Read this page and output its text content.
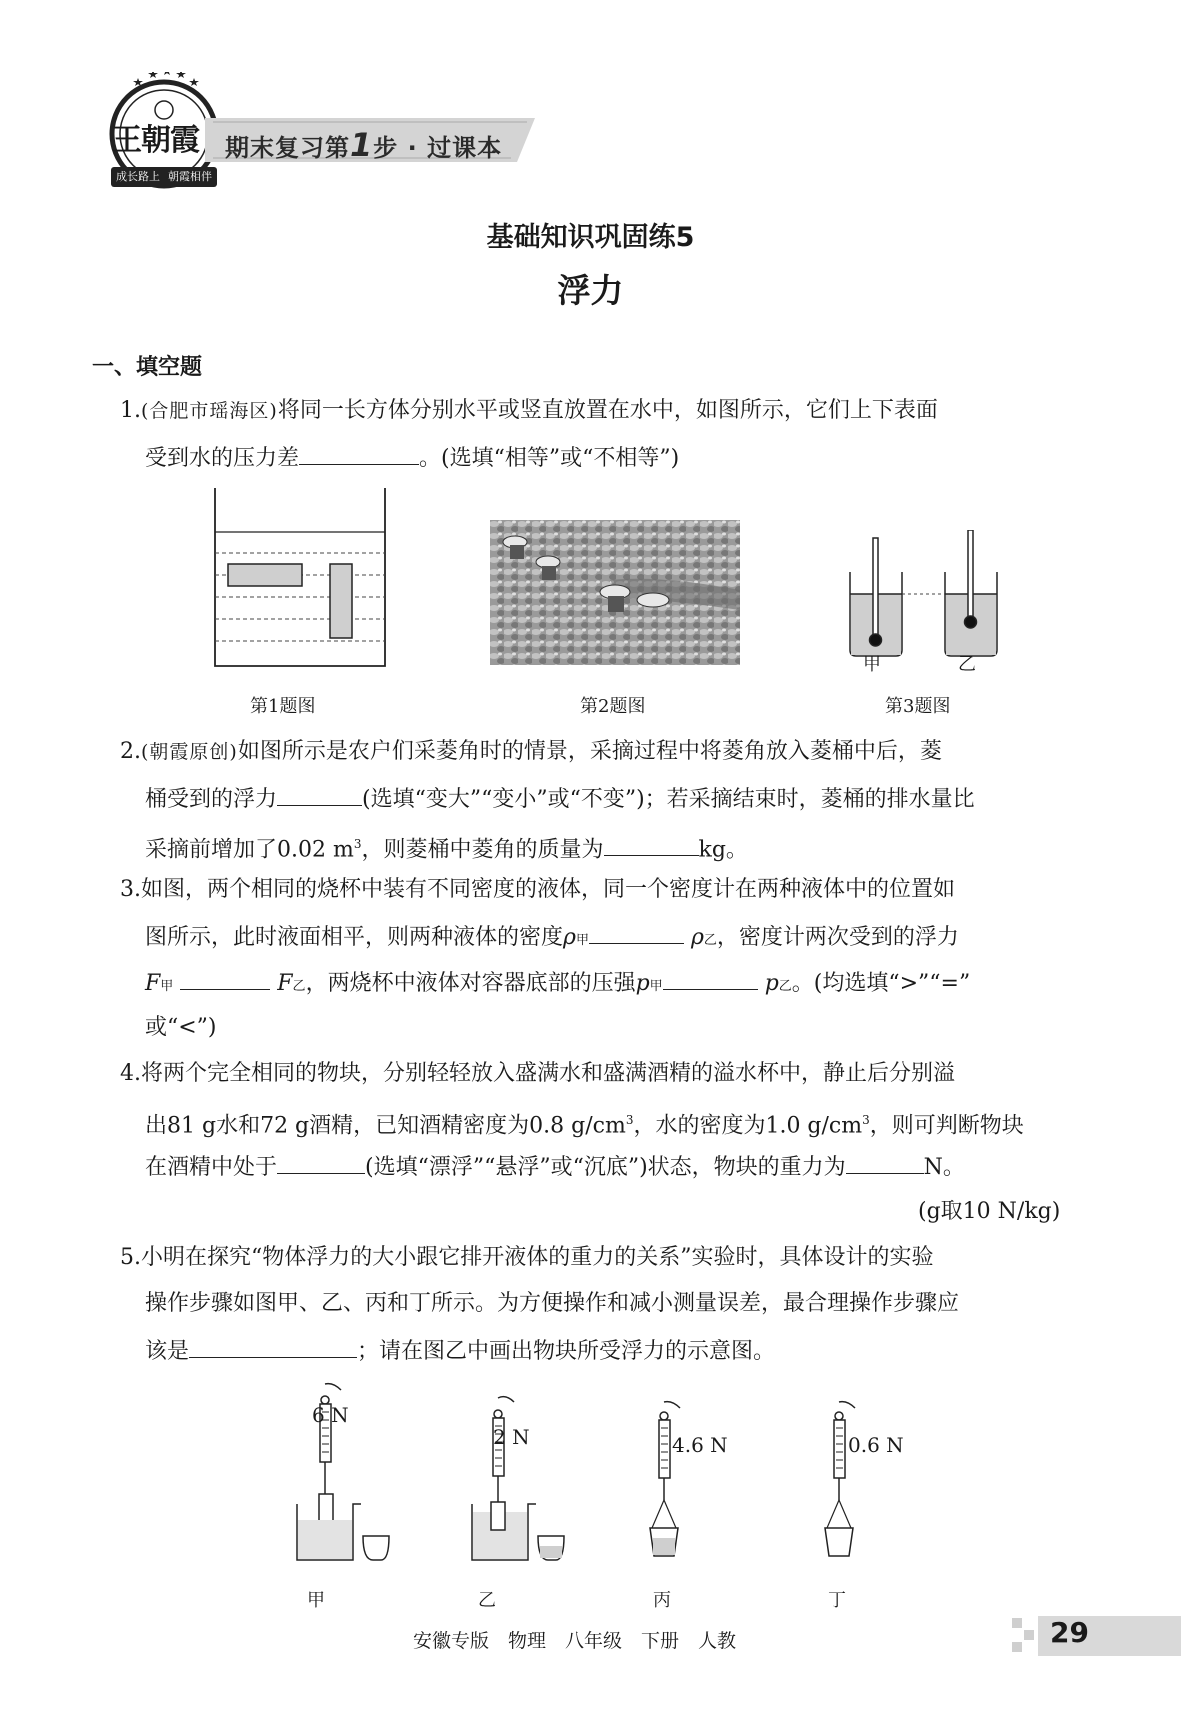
王朝霞
成长路上 朝霞相伴
期末复习第1步 · 过课本
基础知识巩固练5
浮力
一、填空题
1.(合肥市瑶海区)将同一长方体分别水平或竖直放置在水中，如图所示，它们上下表面
受到水的压力差	。(选填“相等”或“不相等”)
甲	乙
第1题图	第2题图	第3题图
2.(朝霞原创)如图所示是农户们采菱角时的情景，采摘过程中将菱角放入菱桶中后，菱
桶受到的浮力	(选填“变大”“变小”或“不变”)；若采摘结束时，菱桶的排水量比
采摘前增加了0.02 $m^3$，则菱桶中菱角的质量为	kg。
3.如图，两个相同的烧杯中装有不同密度的液体，同一个密度计在两种液体中的位置如
图所示，此时液面相平，则两种液体的密度ρ甲	ρ乙，密度计两次受到的浮力
F甲	F乙，两烧杯中液体对容器底部的压强p甲	p乙。(均选填“>”“=”
或“<”)
4.将两个完全相同的物块，分别轻轻放入盛满水和盛满酒精的溢水杯中，静止后分别溢
出81 g水和72 g酒精，已知酒精密度为0.8 $g/cm^3$，水的密度为1.0 $g/cm^3$，则可判断物块
在酒精中处于	(选填“漂浮”“悬浮”或“沉底”)状态，物块的重力为	N。
(g取10 N/kg)
5.小明在探究“物体浮力的大小跟它排开液体的重力的关系”实验时，具体设计的实验
操作步骤如图甲、乙、丙和丁所示。为方便操作和减小测量误差，最合理操作步骤应
该是	；请在图乙中画出物块所受浮力的示意图。
甲
6 N
乙
2 N
丙
4.6 N
丁
0.6 N
安徽专版　物理　八年级　下册　人教	29
